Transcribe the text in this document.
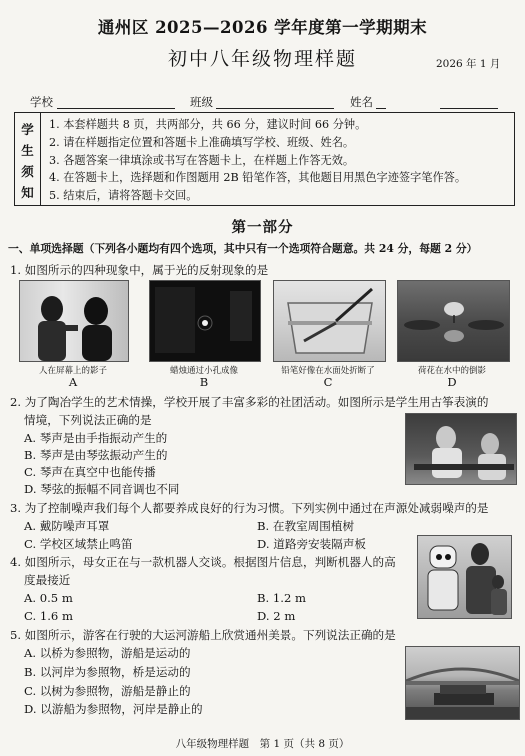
通州区 2025—2026 学年度第一学期期末
初中八年级物理样题	2026 年 1 月
学校	班级	姓名
学
生
须
知
1. 本套样题共 8 页，共两部分，共 66 分，建议时间 66 分钟。
2. 请在样题指定位置和答题卡上准确填写学校、班级、姓名。
3. 各题答案一律填涂或书写在答题卡上，在样题上作答无效。
4. 在答题卡上，选择题和作图题用 2B 铅笔作答，其他题目用黑色字迹签字笔作答。
5. 结束后，请将答题卡交回。
第一部分
一、单项选择题（下列各小题均有四个选项，其中只有一个选项符合题意。共 24 分，每题 2 分）
1. 如图所示的四种现象中，属于光的反射现象的是
人在屏幕上的影子	蜡烛通过小孔成像	铅笔好像在水面处折断了	荷花在水中的倒影
A	B	C	D
2. 为了陶冶学生的艺术情操，学校开展了丰富多彩的社团活动。如图所示是学生用古筝表演的
情境，下列说法正确的是
A. 琴声是由手指振动产生的
B. 琴声是由琴弦振动产生的
C. 琴声在真空中也能传播
D. 琴弦的振幅不同音调也不同
3. 为了控制噪声我们每个人都要养成良好的行为习惯。下列实例中通过在声源处减弱噪声的是
A. 戴防噪声耳罩	B. 在教室周围植树
C. 学校区域禁止鸣笛	D. 道路旁安装隔声板
4. 如图所示，母女正在与一款机器人交谈。根据图片信息，判断机器人的高
度最接近
A. 0.5 m	B. 1.2 m
C. 1.6 m	D. 2 m
5. 如图所示，游客在行驶的大运河游船上欣赏通州美景。下列说法正确的是
A. 以桥为参照物，游船是运动的
B. 以河岸为参照物，桥是运动的
C. 以树为参照物，游船是静止的
D. 以游船为参照物，河岸是静止的
八年级物理样题　第 1 页（共 8 页）
